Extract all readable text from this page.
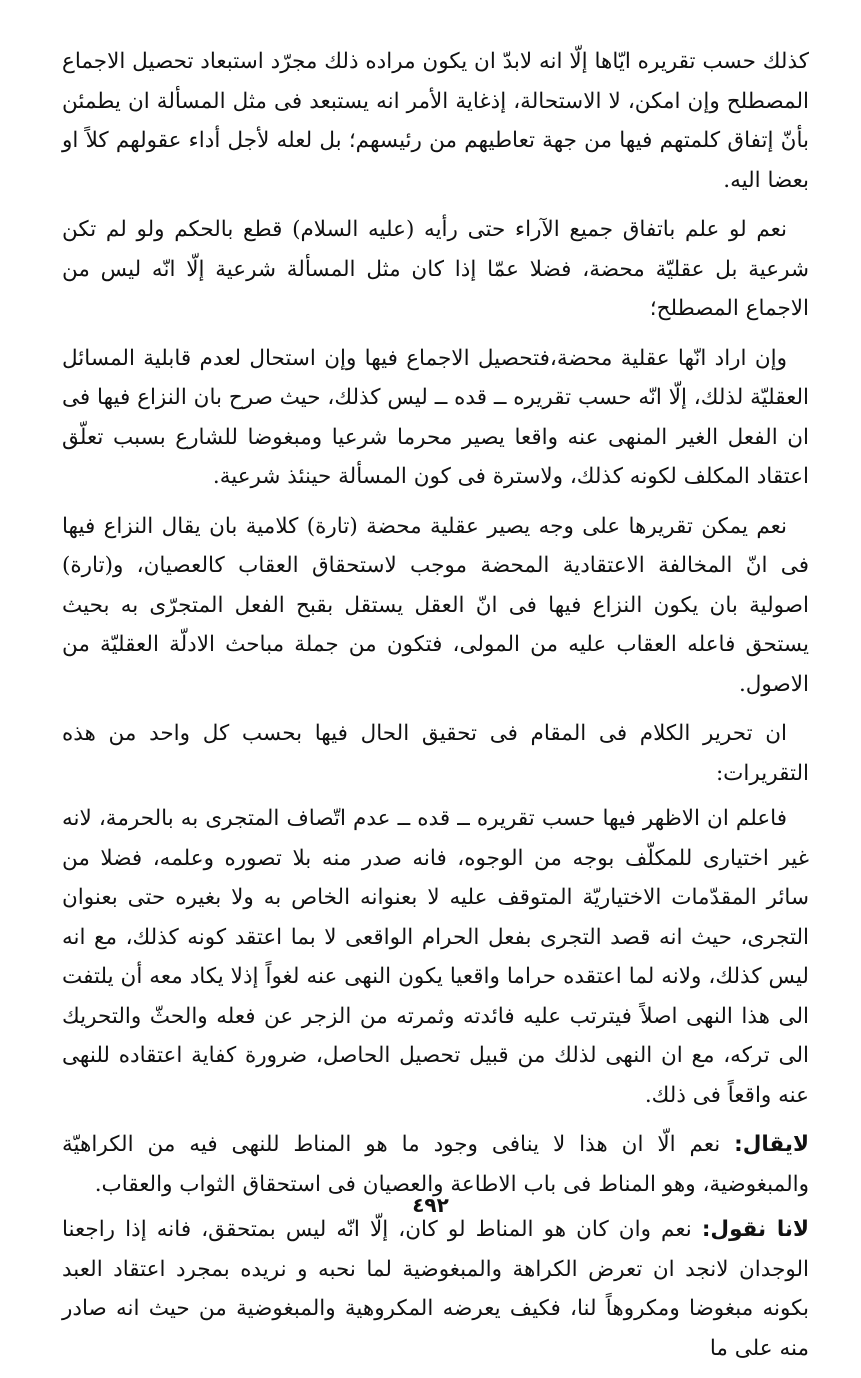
كذلك حسب تقريره ايّاها إلّا انه لابدّ ان يكون مراده ذلك مجرّد استبعاد تحصيل الاجماع المصطلح وإن امكن، لا الاستحالة، إذغاية الأمر انه يستبعد فى مثل المسألة ان يطمئن بأنّ إتفاق كلمتهم فيها من جهة تعاطيهم من رئيسهم؛ بل لعله لأجل أداء عقولهم كلاً او بعضا اليه.

نعم لو علم باتفاق جميع الآراء حتى رأيه (عليه السلام) قطع بالحكم ولو لم تكن شرعية بل عقليّة محضة، فضلا عمّا إذا كان مثل المسألة شرعية إلّا انّه ليس من الاجماع المصطلح؛

وإن اراد انّها عقلية محضة،فتحصيل الاجماع فيها وإن استحال لعدم قابلية المسائل العقليّة لذلك، إلّا انّه حسب تقريره ــ قده ــ ليس كذلك، حيث صرح بان النزاع فيها فى ان الفعل الغير المنهى عنه واقعا يصير محرما شرعيا ومبغوضا للشارع بسبب تعلّق اعتقاد المكلف لكونه كذلك، ولاسترة فى كون المسألة حينئذ شرعية.

نعم يمكن تقريرها على وجه يصير عقلية محضة (تارة) كلامية بان يقال النزاع فيها فى انّ المخالفة الاعتقادية المحضة موجب لاستحقاق العقاب كالعصيان، و(تارة) اصولية بان يكون النزاع فيها فى انّ العقل يستقل بقبح الفعل المتجرّى به بحيث يستحق فاعله العقاب عليه من المولى، فتكون من جملة مباحث الادلّة العقليّة من الاصول.

ان تحرير الكلام فى المقام فى تحقيق الحال فيها بحسب كل واحد من هذه التقريرات:

فاعلم ان الاظهر فيها حسب تقريره ــ قده ــ عدم اتّصاف المتجرى به بالحرمة، لانه غير اختيارى للمكلّف بوجه من الوجوه، فانه صدر منه بلا تصوره وعلمه، فضلا من سائر المقدّمات الاختياريّة المتوقف عليه لا بعنوانه الخاص به ولا بغيره حتى بعنوان التجرى، حيث انه قصد التجرى بفعل الحرام الواقعى لا بما اعتقد كونه كذلك، مع انه ليس كذلك، ولانه لما اعتقده حراما واقعيا يكون النهى عنه لغواً إذلا يكاد معه أن يلتفت الى هذا النهى اصلاً فيترتب عليه فائدته وثمرته من الزجر عن فعله والحثّ والتحريك الى تركه، مع ان النهى لذلك من قبيل تحصيل الحاصل، ضرورة كفاية اعتقاده للنهى عنه واقعاً فى ذلك.

لايقال: نعم الّا ان هذا لا ينافى وجود ما هو المناط للنهى فيه من الكراهيّة والمبغوضية، وهو المناط فى باب الاطاعة والعصيان فى استحقاق الثواب والعقاب.

لانا نقول: نعم وان كان هو المناط لو كان، إلّا انّه ليس بمتحقق، فانه إذا راجعنا الوجدان لانجد ان تعرض الكراهة والمبغوضية لما نحبه و نريده بمجرد اعتقاد العبد بكونه مبغوضا ومكروهاً لنا، فكيف يعرضه المكروهية والمبغوضية من حيث انه صادر منه على ما

٤٩٢
